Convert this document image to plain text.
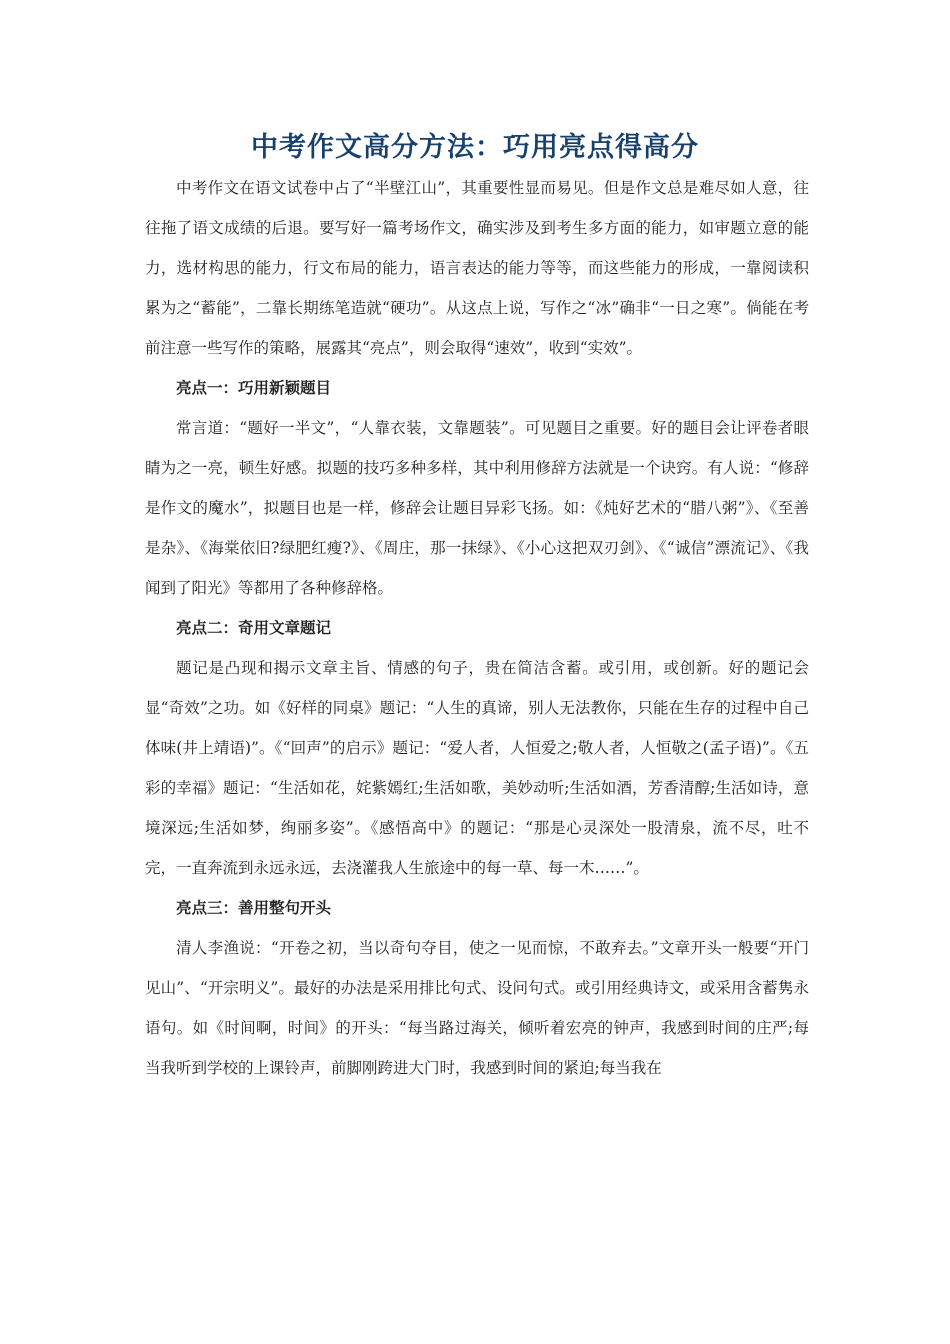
中考作文高分方法：巧用亮点得高分

中考作文在语文试卷中占了“半壁江山”，其重要性显而易见。但是作文总是难尽如人意，往往拖了语文成绩的后退。要写好一篇考场作文，确实涉及到考生多方面的能力，如审题立意的能力，选材构思的能力，行文布局的能力，语言表达的能力等等，而这些能力的形成，一靠阅读积累为之“蓄能”，二靠长期练笔造就“硬功”。从这点上说，写作之“冰”确非“一日之寒”。倘能在考前注意一些写作的策略，展露其“亮点”，则会取得“速效”，收到“实效”。

亮点一：巧用新颖题目

常言道：“题好一半文”，“人靠衣装，文靠题装”。可见题目之重要。好的题目会让评卷者眼睛为之一亮，顿生好感。拟题的技巧多种多样，其中利用修辞方法就是一个诀窍。有人说：“修辞是作文的魔水”，拟题目也是一样，修辞会让题目异彩飞扬。如：《炖好艺术的“腊八粥”》、《至善是杂》、《海棠依旧?绿肥红瘦?》、《周庄，那一抹绿》、《小心这把双刃剑》、《“诚信”漂流记》、《我闻到了阳光》等都用了各种修辞格。

亮点二：奇用文章题记

题记是凸现和揭示文章主旨、情感的句子，贵在简洁含蓄。或引用，或创新。好的题记会显“奇效”之功。如《好样的同桌》题记：“人生的真谛，别人无法教你，只能在生存的过程中自己体味(井上靖语)”。《“回声”的启示》题记：“爱人者，人恒爱之;敬人者，人恒敬之(孟子语)”。《五彩的幸福》题记：“生活如花，姹紫嫣红;生活如歌，美妙动听;生活如酒，芳香清醇;生活如诗，意境深远;生活如梦，绚丽多姿”。《感悟高中》的题记：“那是心灵深处一股清泉，流不尽，吐不完，一直奔流到永远永远，去浇灌我人生旅途中的每一草、每一木……”。

亮点三：善用整句开头

清人李渔说：“开卷之初，当以奇句夺目，使之一见而惊，不敢弃去。”文章开头一般要“开门见山”、“开宗明义”。最好的办法是采用排比句式、设问句式。或引用经典诗文，或采用含蓄隽永语句。如《时间啊，时间》的开头：“每当路过海关，倾听着宏亮的钟声，我感到时间的庄严;每当我听到学校的上课铃声，前脚刚跨进大门时，我感到时间的紧迫;每当我在
